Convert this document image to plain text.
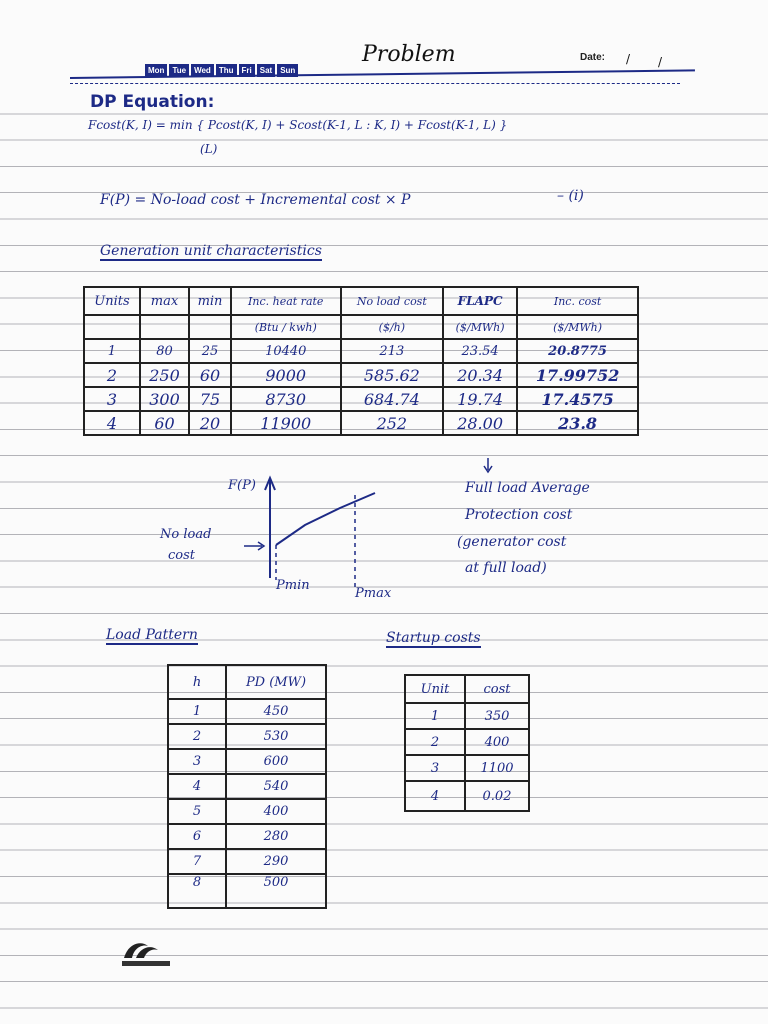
Mon	Tue	Wed	Thu	Fri	Sat	Sun
Problem	Date: / /
DP Equation:
Fcost(K, I) = min { Pcost(K, I) + Scost(K-1, L : K, I) + Fcost(K-1, L) }
(L)
F(P) = No-load cost + Incremental cost × P	– (i)
Generation unit characteristics
Units	max	min	Inc. heat rate	No load cost	FLAPC	Inc. cost
			(Btu / kwh)	($/h)	($/MWh)	($/MWh)
1	80	25	10440	213	23.54	20.8775
2	250	60	9000	585.62	20.34	17.99752
3	300	75	8730	684.74	19.74	17.4575
4	60	20	11900	252	28.00	23.8
F(P)
No load
cost
Pmin
Pmax
Full load Average
Protection cost
(generator cost
at full load)
Load Pattern
h	PD (MW)
1	450
2	530
3	600
4	540
5	400
6	280
7	290
8	500
Startup costs
Unit	cost
1	350
2	400
3	1100
4	0.02
